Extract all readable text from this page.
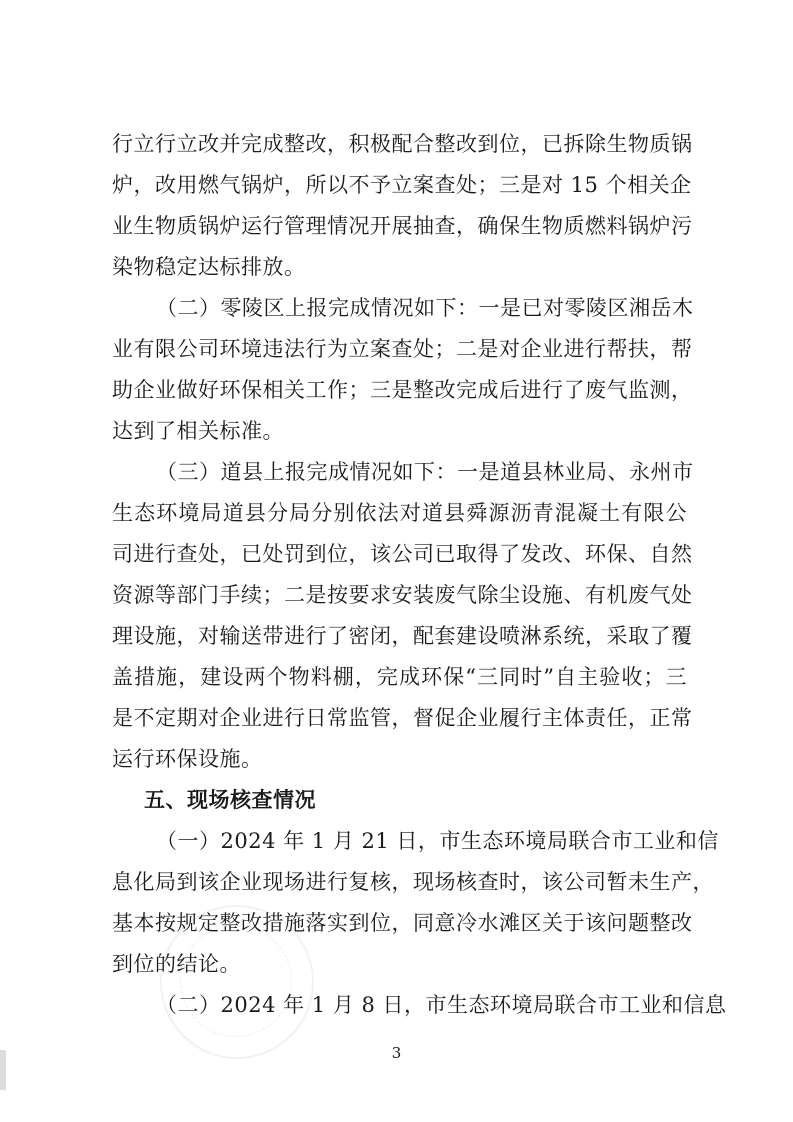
行立行立改并完成整改，积极配合整改到位，已拆除生物质锅
炉，改用燃气锅炉，所以不予立案查处；三是对 15 个相关企
业生物质锅炉运行管理情况开展抽查，确保生物质燃料锅炉污
染物稳定达标排放。
（二）零陵区上报完成情况如下：一是已对零陵区湘岳木
业有限公司环境违法行为立案查处；二是对企业进行帮扶，帮
助企业做好环保相关工作；三是整改完成后进行了废气监测，
达到了相关标准。
（三）道县上报完成情况如下：一是道县林业局、永州市
生态环境局道县分局分别依法对道县舜源沥青混凝土有限公
司进行查处，已处罚到位，该公司已取得了发改、环保、自然
资源等部门手续；二是按要求安装废气除尘设施、有机废气处
理设施，对输送带进行了密闭，配套建设喷淋系统，采取了覆
盖措施，建设两个物料棚，完成环保“三同时”自主验收；三
是不定期对企业进行日常监管，督促企业履行主体责任，正常
运行环保设施。
五、现场核查情况
（一）2024 年 1 月 21 日，市生态环境局联合市工业和信
息化局到该企业现场进行复核，现场核查时，该公司暂未生产，
基本按规定整改措施落实到位，同意冷水滩区关于该问题整改
到位的结论。
（二）2024 年 1 月 8 日，市生态环境局联合市工业和信息
3
